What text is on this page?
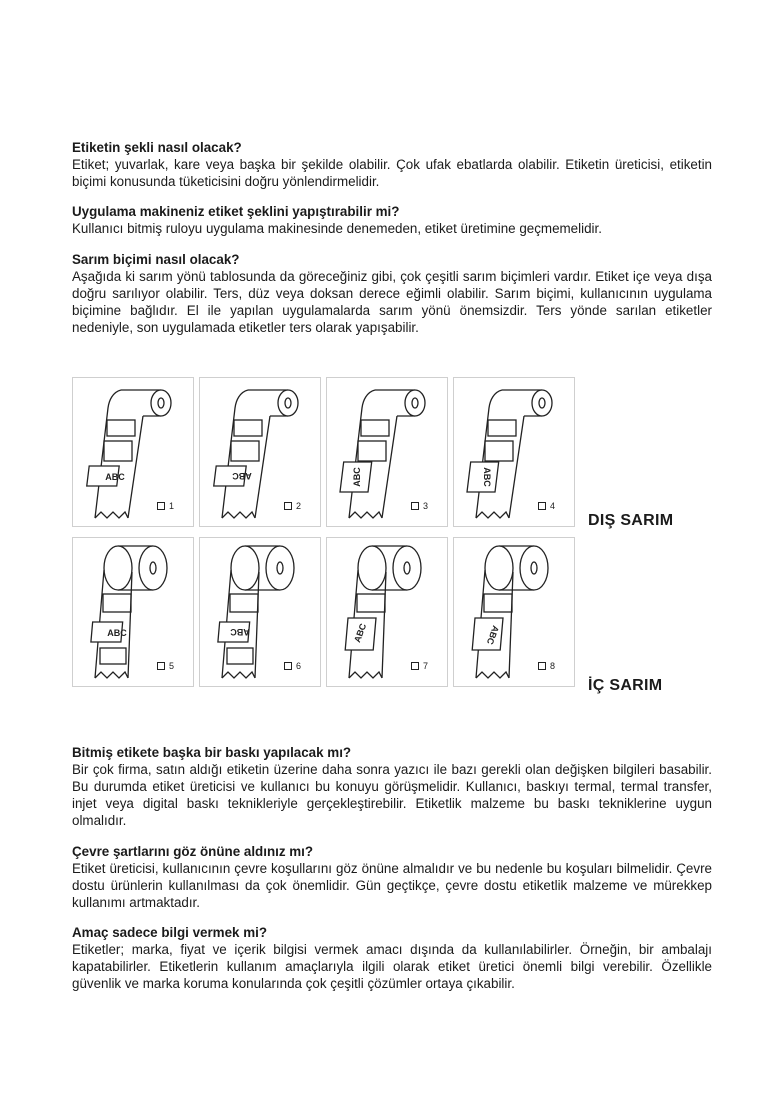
Etiketin şekli nasıl olacak?

Etiket; yuvarlak, kare veya başka bir şekilde olabilir. Çok ufak ebatlarda olabilir. Etiketin üreticisi, etiketin biçimi konusunda tüketicisini doğru yönlendirmelidir.

Uygulama makineniz etiket şeklini yapıştırabilir mi?

Kullanıcı bitmiş ruloyu uygulama makinesinde denemeden, etiket üretimine geçmemelidir.

Sarım biçimi nasıl olacak?

Aşağıda ki sarım yönü tablosunda da göreceğiniz gibi, çok çeşitli sarım biçimleri vardır. Etiket içe veya dışa doğru sarılıyor olabilir. Ters, düz veya doksan derece eğimli olabilir. Sarım biçimi, kullanıcının uygulama biçimine bağlıdır. El ile yapılan uygulamalarda sarım yönü önemsizdir. Ters yönde sarılan etiketler nedeniyle, son uygulamada etiketler ters olarak yapışabilir.

ABC
1
ABC
2
ABC
3
ABC
4
ABC
5
ABC
6
ABC
7
ABC
8
DIŞ SARIM
İÇ SARIM
Bitmiş etikete başka bir baskı yapılacak mı?

Bir çok firma, satın aldığı etiketin üzerine daha sonra yazıcı ile bazı gerekli olan değişken bilgileri basabilir. Bu durumda etiket üreticisi ve kullanıcı bu konuyu görüşmelidir. Kullanıcı, baskıyı termal, termal transfer, injet veya digital baskı teknikleriyle gerçekleştirebilir. Etiketlik malzeme bu baskı tekniklerine uygun olmalıdır.

Çevre şartlarını göz önüne aldınız mı?

Etiket üreticisi, kullanıcının çevre koşullarını göz önüne almalıdır ve bu nedenle bu koşuları bilmelidir. Çevre dostu ürünlerin kullanılması da çok önemlidir. Gün geçtikçe, çevre dostu etiketlik malzeme ve mürekkep kullanımı artmaktadır.

Amaç sadece bilgi vermek mi?

Etiketler; marka, fiyat ve içerik bilgisi vermek amacı dışında da kullanılabilirler. Örneğin, bir ambalajı kapatabilirler. Etiketlerin kullanım amaçlarıyla ilgili olarak etiket üretici önemli bilgi verebilir. Özellikle güvenlik ve marka koruma konularında çok çeşitli çözümler ortaya çıkabilir.
